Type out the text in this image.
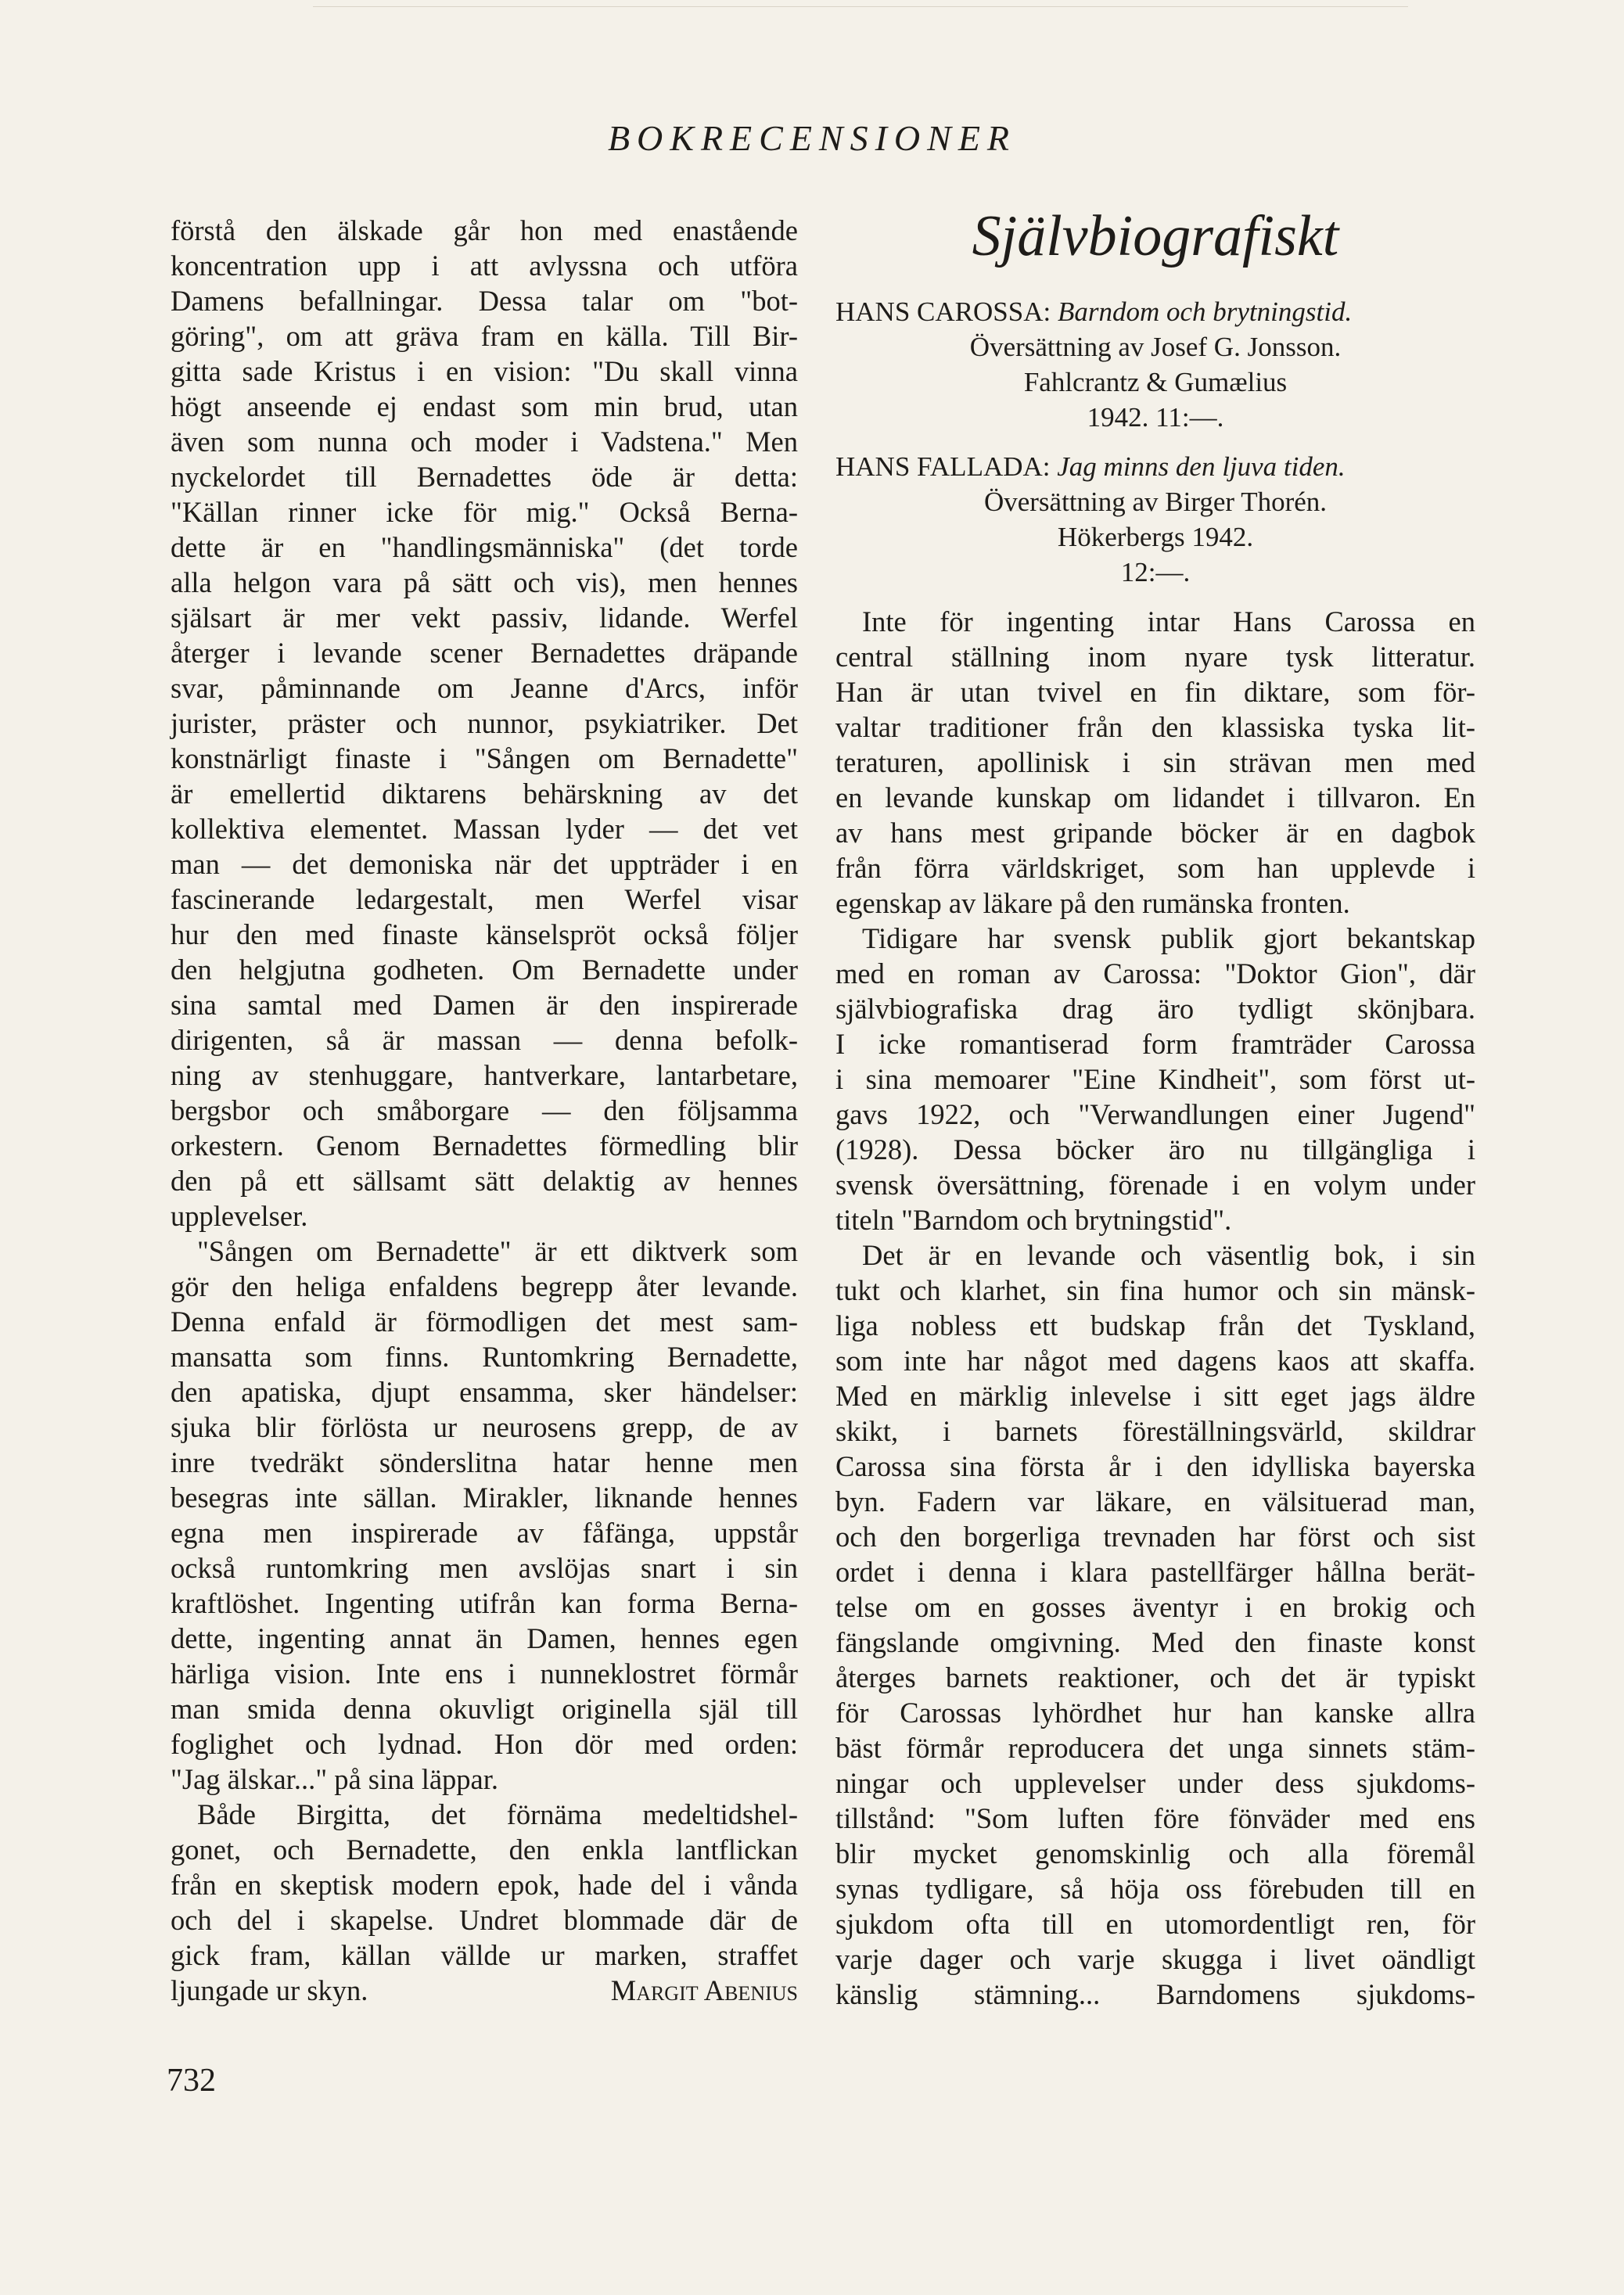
BOKRECENSIONER
förstå den älskade går hon med enastående
koncentration upp i att avlyssna och utföra
Damens befallningar. Dessa talar om "bot-
göring", om att gräva fram en källa. Till Bir-
gitta sade Kristus i en vision: "Du skall vinna
högt anseende ej endast som min brud, utan
även som nunna och moder i Vadstena." Men
nyckelordet till Bernadettes öde är detta:
"Källan rinner icke för mig." Också Berna-
dette är en "handlingsmänniska" (det torde
alla helgon vara på sätt och vis), men hennes
själsart är mer vekt passiv, lidande. Werfel
återger i levande scener Bernadettes dräpande
svar, påminnande om Jeanne d'Arcs, inför
jurister, präster och nunnor, psykiatriker. Det
konstnärligt finaste i "Sången om Bernadette"
är emellertid diktarens behärskning av det
kollektiva elementet. Massan lyder — det vet
man — det demoniska när det uppträder i en
fascinerande ledargestalt, men Werfel visar
hur den med finaste känselspröt också följer
den helgjutna godheten. Om Bernadette under
sina samtal med Damen är den inspirerade
dirigenten, så är massan — denna befolk-
ning av stenhuggare, hantverkare, lantarbetare,
bergsbor och småborgare — den följsamma
orkestern. Genom Bernadettes förmedling blir
den på ett sällsamt sätt delaktig av hennes
upplevelser.
"Sången om Bernadette" är ett diktverk som
gör den heliga enfaldens begrepp åter levande.
Denna enfald är förmodligen det mest sam-
mansatta som finns. Runtomkring Bernadette,
den apatiska, djupt ensamma, sker händelser:
sjuka blir förlösta ur neurosens grepp, de av
inre tvedräkt sönderslitna hatar henne men
besegras inte sällan. Mirakler, liknande hennes
egna men inspirerade av fåfänga, uppstår
också runtomkring men avslöjas snart i sin
kraftlöshet. Ingenting utifrån kan forma Berna-
dette, ingenting annat än Damen, hennes egen
härliga vision. Inte ens i nunneklostret förmår
man smida denna okuvligt originella själ till
foglighet och lydnad. Hon dör med orden:
"Jag älskar..." på sina läppar.
Både Birgitta, det förnäma medeltidshel-
gonet, och Bernadette, den enkla lantflickan
från en skeptisk modern epok, hade del i vånda
och del i skapelse. Undret blommade där de
gick fram, källan vällde ur marken, straffet
ljungade ur skyn.	Margit Abenius
Självbiografiskt
HANS CAROSSA: Barndom och brytningstid.
Översättning av Josef G. Jonsson.
Fahlcrantz & Gumælius
1942. 11:—.
HANS FALLADA: Jag minns den ljuva tiden.
Översättning av Birger Thorén.
Hökerbergs 1942.
12:—.
Inte för ingenting intar Hans Carossa en
central ställning inom nyare tysk litteratur.
Han är utan tvivel en fin diktare, som för-
valtar traditioner från den klassiska tyska lit-
teraturen, apollinisk i sin strävan men med
en levande kunskap om lidandet i tillvaron. En
av hans mest gripande böcker är en dagbok
från förra världskriget, som han upplevde i
egenskap av läkare på den rumänska fronten.
Tidigare har svensk publik gjort bekantskap
med en roman av Carossa: "Doktor Gion", där
självbiografiska drag äro tydligt skönjbara.
I icke romantiserad form framträder Carossa
i sina memoarer "Eine Kindheit", som först ut-
gavs 1922, och "Verwandlungen einer Jugend"
(1928). Dessa böcker äro nu tillgängliga i
svensk översättning, förenade i en volym under
titeln "Barndom och brytningstid".
Det är en levande och väsentlig bok, i sin
tukt och klarhet, sin fina humor och sin mänsk-
liga nobless ett budskap från det Tyskland,
som inte har något med dagens kaos att skaffa.
Med en märklig inlevelse i sitt eget jags äldre
skikt, i barnets föreställningsvärld, skildrar
Carossa sina första år i den idylliska bayerska
byn. Fadern var läkare, en välsituerad man,
och den borgerliga trevnaden har först och sist
ordet i denna i klara pastellfärger hållna berät-
telse om en gosses äventyr i en brokig och
fängslande omgivning. Med den finaste konst
återges barnets reaktioner, och det är typiskt
för Carossas lyhördhet hur han kanske allra
bäst förmår reproducera det unga sinnets stäm-
ningar och upplevelser under dess sjukdoms-
tillstånd: "Som luften före fönväder med ens
blir mycket genomskinlig och alla föremål
synas tydligare, så höja oss förebuden till en
sjukdom ofta till en utomordentligt ren, för
varje dager och varje skugga i livet oändligt
känslig stämning... Barndomens sjukdoms-
732
